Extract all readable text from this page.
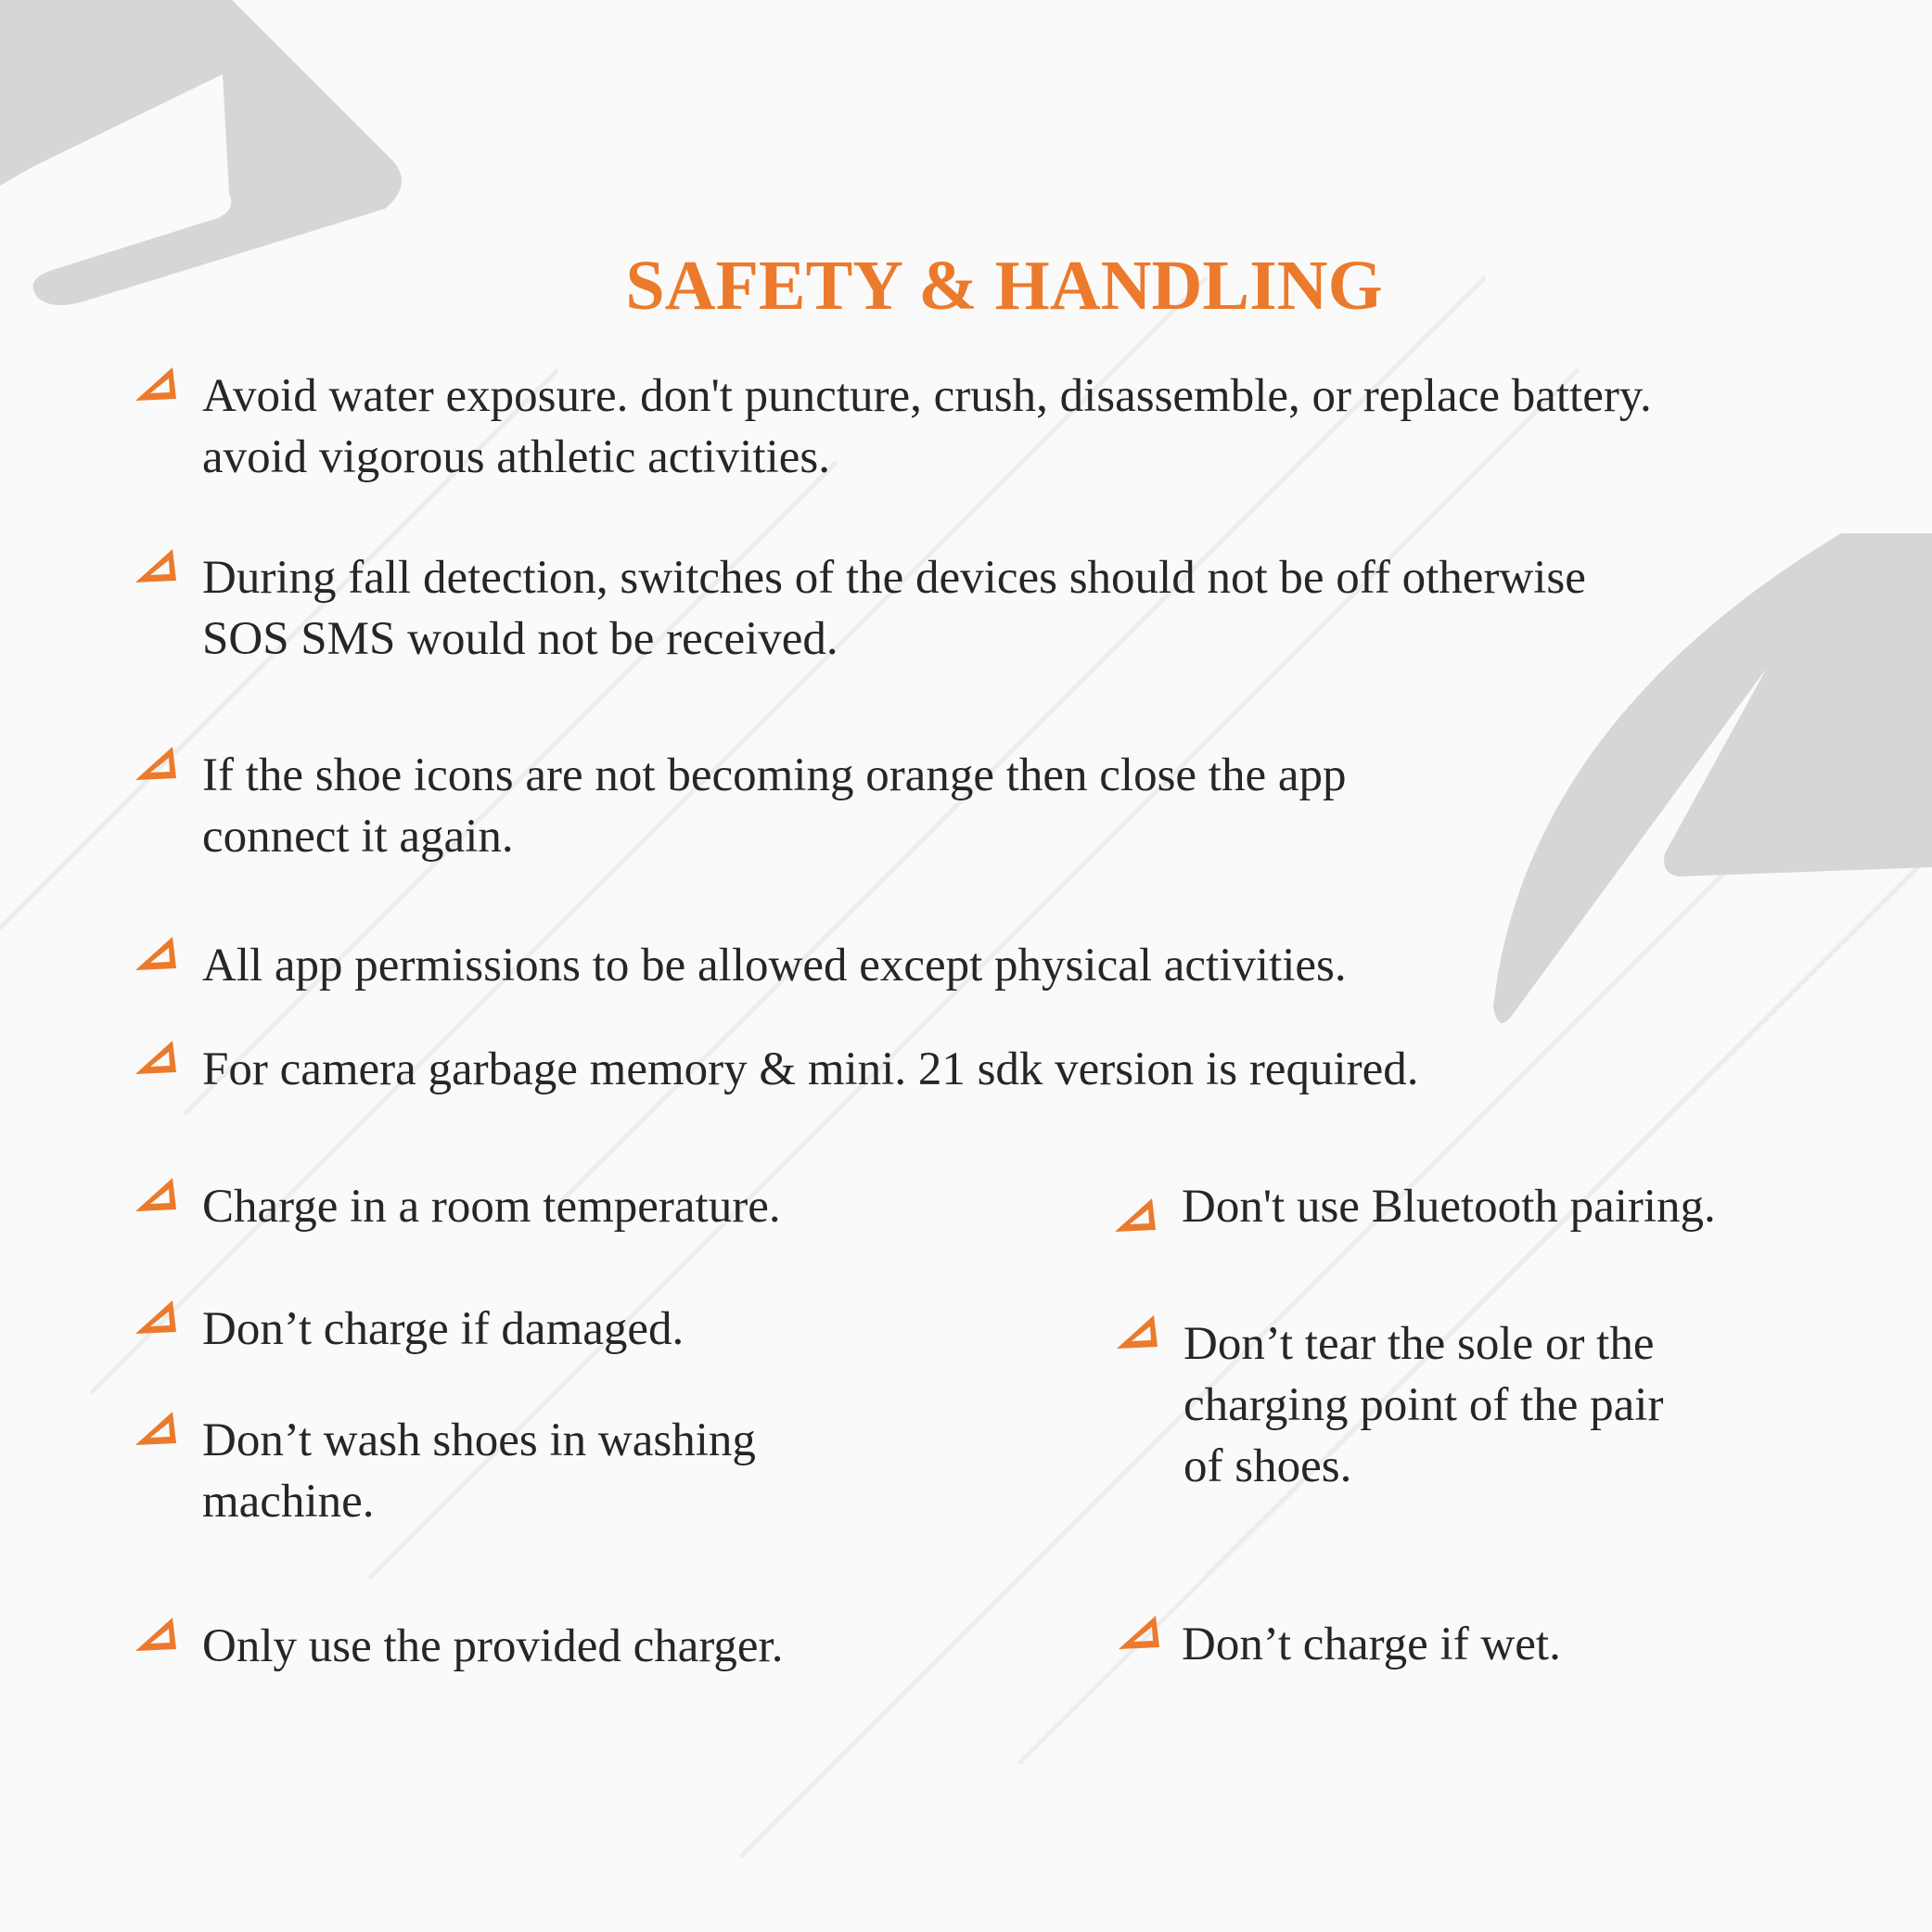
SAFETY & HANDLING

Avoid water exposure. don't puncture, crush, disassemble, or replace battery.
avoid vigorous athletic activities.

During fall detection, switches of the devices should not be off otherwise
SOS SMS would not be received.

If the shoe icons are not becoming orange then close the app
connect it again.

All app permissions to be allowed except physical activities.

For camera garbage memory & mini. 21 sdk version is required.

Charge in a room temperature.

Don’t charge if damaged.

Don’t wash shoes in washing
machine.

Only use the provided charger.

Don't use Bluetooth pairing.

Don’t tear the sole or the
charging point of the pair
of shoes.

Don’t charge if wet.
